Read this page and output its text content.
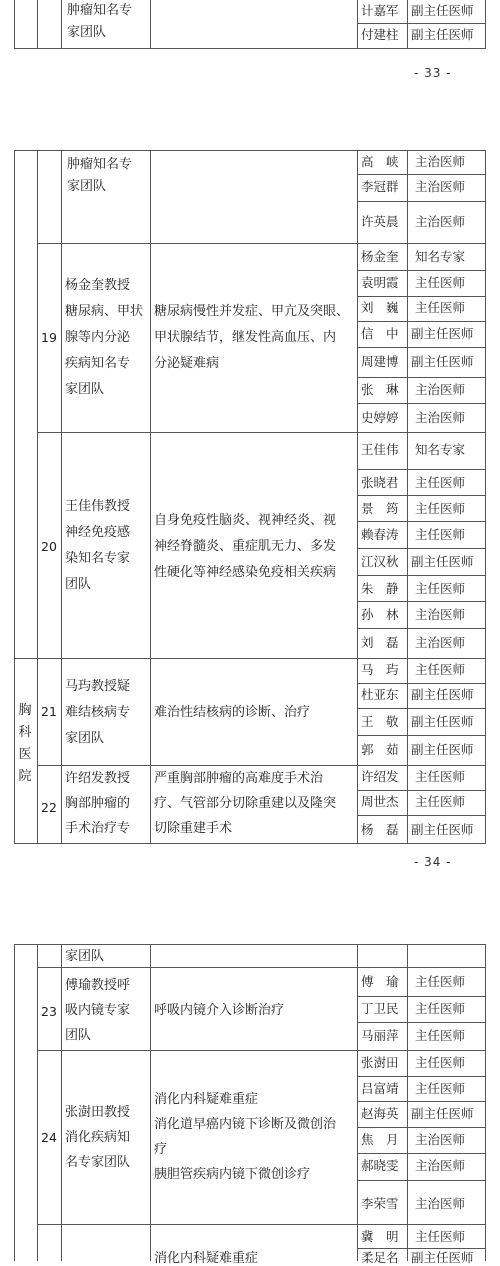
肿瘤知名专
家团队
计嘉军 副主任医师
付建柱 副主任医师
- 33 -
肿瘤知名专
家团队
高　峡 主治医师
李冠群 主治医师
许英晨 主治医师
19
杨金奎教授
糖尿病、甲状
腺等内分泌
疾病知名专
家团队
糖尿病慢性并发症、甲亢及突眼、
甲状腺结节，继发性高血压、内
分泌疑难病
杨金奎 知名专家
袁明霞 主任医师
刘　巍 主任医师
信　中 副主任医师
周建博 副主任医师
张　琳 主治医师
史婷婷 主治医师
20
王佳伟教授
神经免疫感
染知名专家
团队
自身免疫性脑炎、视神经炎、视
神经脊髓炎、重症肌无力、多发
性硬化等神经感染免疫相关疾病
王佳伟 知名专家
张晓君 主任医师
景　筠 主任医师
赖春涛 主任医师
江汉秋 副主任医师
朱　静 主任医师
孙　林 主治医师
刘　磊 主治医师
胸科医院
21
马玙教授疑
难结核病专
家团队
难治性结核病的诊断、治疗
马　玙 主任医师
杜亚东 副主任医师
王　敬 副主任医师
郭　茹 副主任医师
22
许绍发教授
胸部肿瘤的
手术治疗专
严重胸部肿瘤的高难度手术治
疗、气管部分切除重建以及隆突
切除重建手术
许绍发 主任医师
周世杰 主任医师
杨　磊 副主任医师
- 34 -
家团队
23
傅瑜教授呼
吸内镜专家
团队
呼吸内镜介入诊断治疗
傅　瑜 主任医师
丁卫民 主任医师
马丽萍 主任医师
24
张澍田教授
消化疾病知
名专家团队
消化内科疑难重症
消化道早癌内镜下诊断及微创治
疗
胰胆管疾病内镜下微创诊疗
张澍田 主任医师
吕富靖 主任医师
赵海英 副主任医师
焦　月 主治医师
郝晓雯 主治医师
李荣雪 主治医师
冀　明 主任医师
柔足名 副主任医师
消化内科疑难重症
